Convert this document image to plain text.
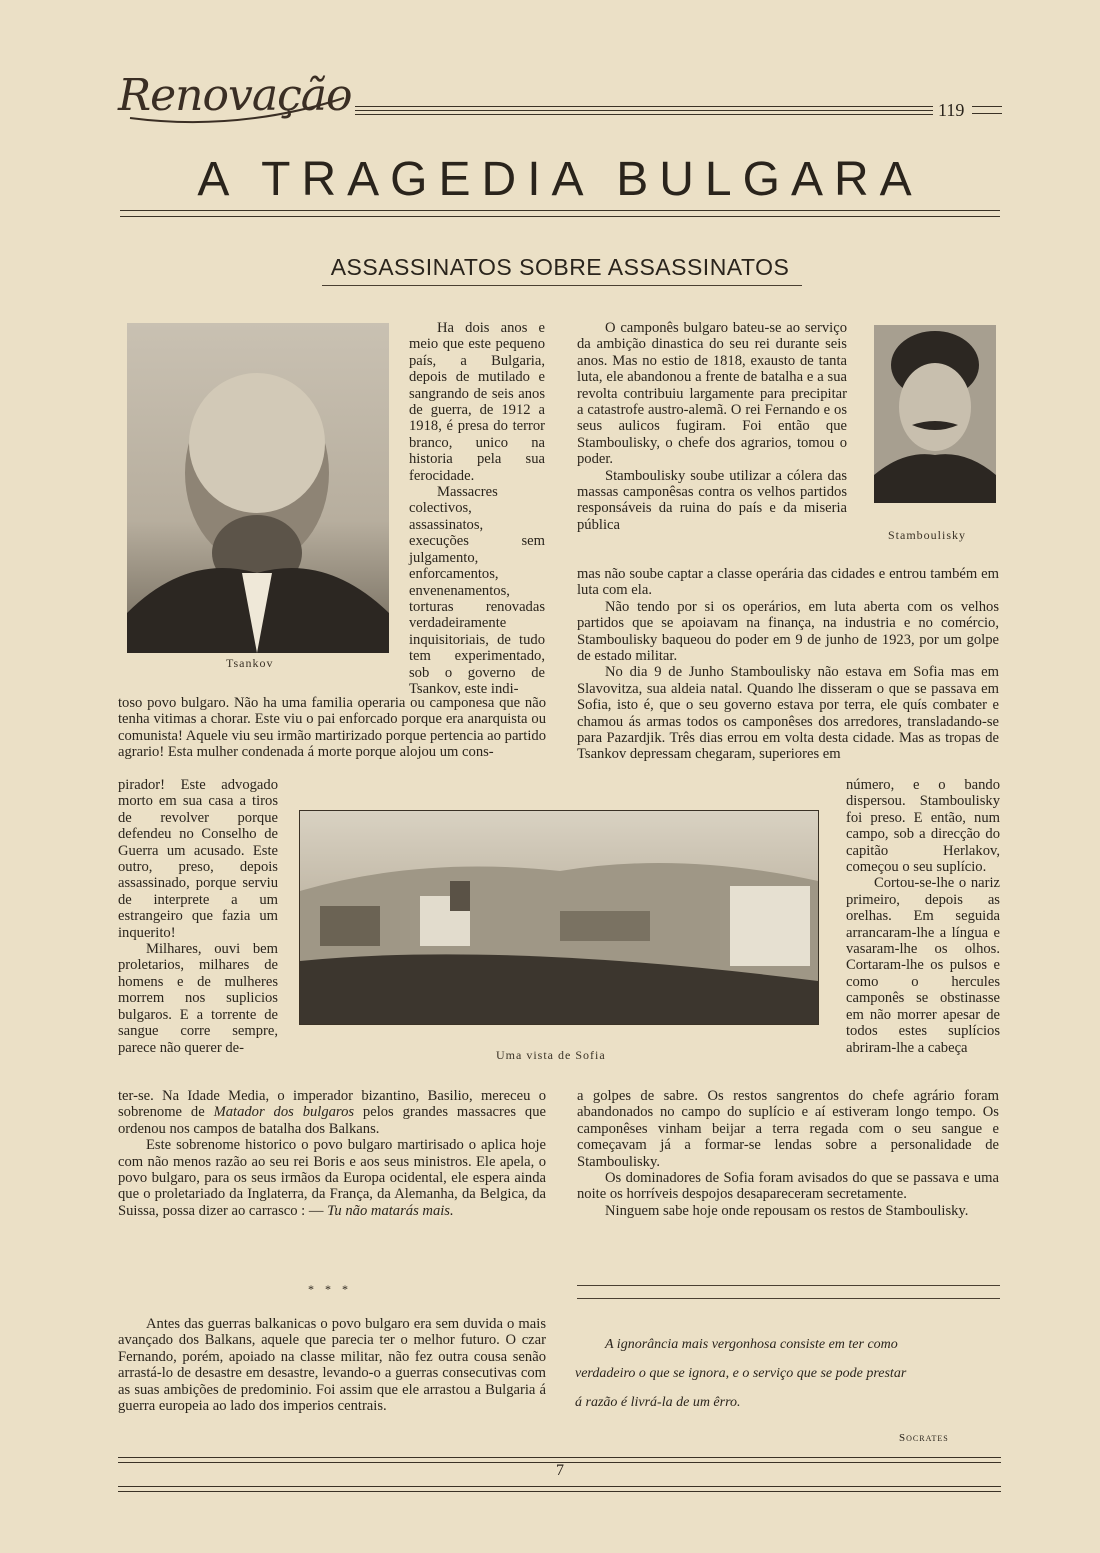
Renovação	119
A TRAGEDIA BULGARA
ASSASSINATOS SOBRE ASSASSINATOS
Tsankov
Stamboulisky
Uma vista de Sofia

Ha dois anos e meio que este pequeno país, a Bulgaria, depois de mutilado e sangrando de seis anos de guerra, de 1912 a 1918, é presa do terror branco, unico na historia pela sua ferocidade.

Massacres colectivos, assassinatos, execuções sem julgamento, enforcamentos, envenenamentos, torturas renovadas verdadeiramente inquisitoriais, de tudo tem experimentado, sob o governo de Tsankov, este indi-

toso povo bulgaro. Não ha uma familia operaria ou camponesa que não tenha vitimas a chorar. Este viu o pai enforcado porque era anarquista ou comunista! Aquele viu seu irmão martirizado porque pertencia ao partido agrario! Esta mulher condenada á morte porque alojou um cons-

pirador! Este advogado morto em sua casa a tiros de revolver porque defendeu no Conselho de Guerra um acusado. Este outro, preso, depois assassinado, porque serviu de interprete a um estrangeiro que fazia um inquerito!

Milhares, ouvi bem proletarios, milhares de homens e de mulheres morrem nos suplicios bulgaros. E a torrente de sangue corre sempre, parece não querer de-

ter-se. Na Idade Media, o imperador bizantino, Basilio, mereceu o sobrenome de Matador dos bulgaros pelos grandes massacres que ordenou nos campos de batalha dos Balkans.

Este sobrenome historico o povo bulgaro martirisado o aplica hoje com não menos razão ao seu rei Boris e aos seus ministros. Ele apela, o povo bulgaro, para os seus irmãos da Europa ocidental, ele espera ainda que o proletariado da Inglaterra, da França, da Alemanha, da Belgica, da Suissa, possa dizer ao carrasco : — Tu não matarás mais.

* * *

Antes das guerras balkanicas o povo bulgaro era sem duvida o mais avançado dos Balkans, aquele que parecia ter o melhor futuro. O czar Fernando, porém, apoiado na classe militar, não fez outra cousa senão arrastá-lo de desastre em desastre, levando-o a guerras consecutivas com as suas ambições de predominio. Foi assim que ele arrastou a Bulgaria á guerra europeia ao lado dos imperios centrais.

O camponês bulgaro bateu-se ao serviço da ambição dinastica do seu rei durante seis anos. Mas no estio de 1818, exausto de tanta luta, ele abandonou a frente de batalha e a sua revolta contribuiu largamente para precipitar a catastrofe austro-alemã. O rei Fernando e os seus aulicos fugiram. Foi então que Stamboulisky, o chefe dos agrarios, tomou o poder.

Stamboulisky soube utilizar a cólera das massas camponêsas contra os velhos partidos responsáveis da ruina do país e da miseria pública

mas não soube captar a classe operária das cidades e entrou também em luta com ela.

Não tendo por si os operários, em luta aberta com os velhos partidos que se apoiavam na finança, na industria e no comércio, Stamboulisky baqueou do poder em 9 de junho de 1923, por um golpe de estado militar.

No dia 9 de Junho Stamboulisky não estava em Sofia mas em Slavovitza, sua aldeia natal. Quando lhe disseram o que se passava em Sofia, isto é, que o seu governo estava por terra, ele quís combater e chamou ás armas todos os camponêses dos arredores, transladando-se para Pazardjik. Três dias errou em volta desta cidade. Mas as tropas de Tsankov depressam chegaram, superiores em

número, e o bando dispersou. Stamboulisky foi preso. E então, num campo, sob a direcção do capitão Herlakov, começou o seu suplício.

Cortou-se-lhe o nariz primeiro, depois as orelhas. Em seguida arrancaram-lhe a língua e vasaram-lhe os olhos. Cortaram-lhe os pulsos e como o hercules camponês se obstinasse em não morrer apesar de todos estes suplícios abriram-lhe a cabeça

a golpes de sabre. Os restos sangrentos do chefe agrário foram abandonados no campo do suplício e aí estiveram longo tempo. Os camponêses vinham beijar a terra regada com o seu sangue e começavam já a formar-se lendas sobre a personalidade de Stamboulisky.

Os dominadores de Sofia foram avisados do que se passava e uma noite os horríveis despojos desapareceram secretamente.

Ninguem sabe hoje onde repousam os restos de Stamboulisky.

A ignorância mais vergonhosa consiste em ter como
verdadeiro o que se ignora, e o serviço que se pode prestar
á razão é livrá-la de um êrro.
Socrates
7
